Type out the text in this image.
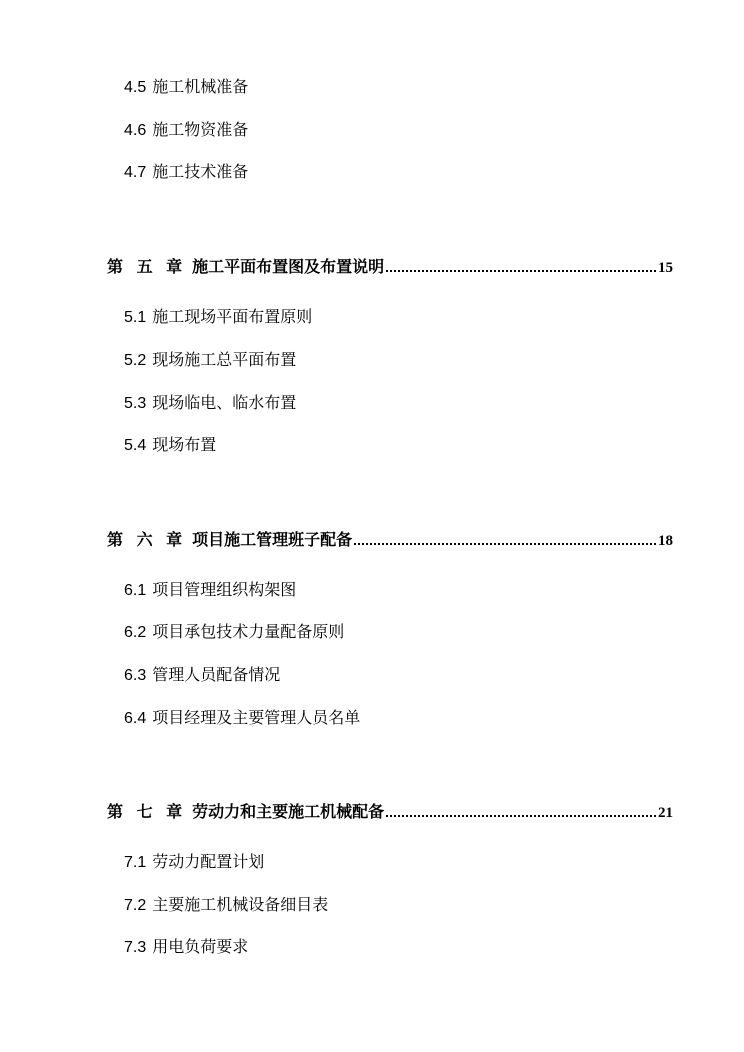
4.5 施工机械准备
4.6 施工物资准备
4.7 施工技术准备
第 五 章 施工平面布置图及布置说明	15
5.1 施工现场平面布置原则
5.2 现场施工总平面布置
5.3 现场临电、临水布置
5.4 现场布置
第 六 章 项目施工管理班子配备	18
6.1 项目管理组织构架图
6.2 项目承包技术力量配备原则
6.3 管理人员配备情况
6.4 项目经理及主要管理人员名单
第 七 章 劳动力和主要施工机械配备	21
7.1 劳动力配置计划
7.2 主要施工机械设备细目表
7.3 用电负荷要求
